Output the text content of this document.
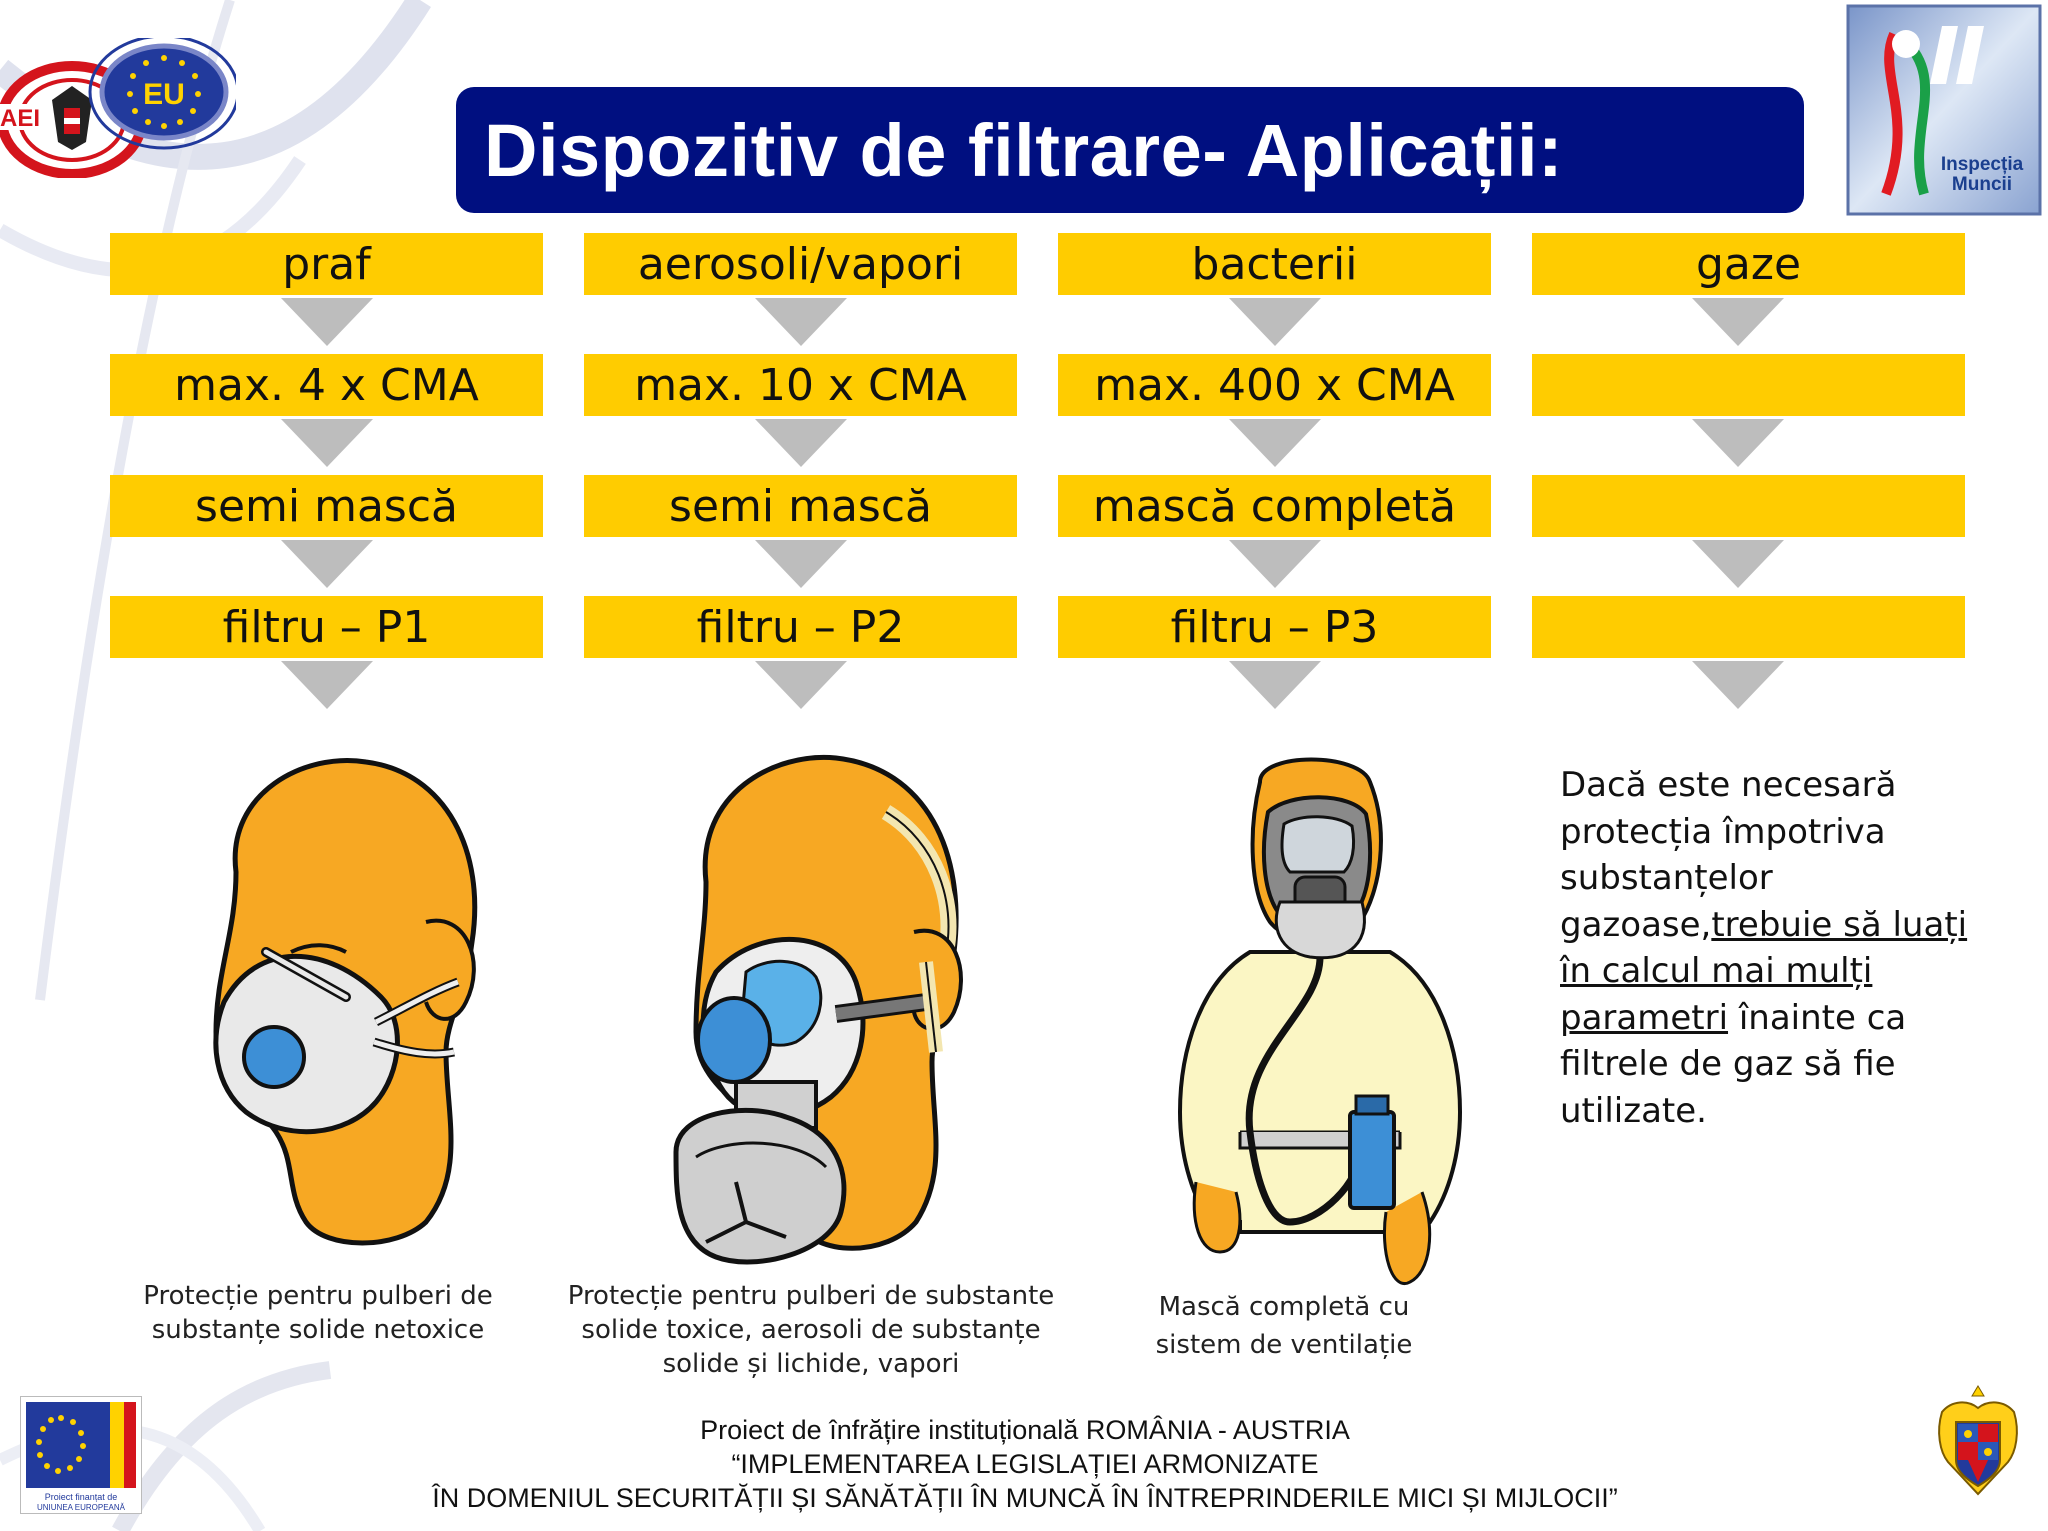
EU
AEI
Inspecția
Muncii
Dispozitiv de filtrare- Aplicații:
praf
max. 4 x CMA
semi mască
filtru – P1
aerosoli/vapori
max. 10 x CMA
semi mască
filtru – P2
bacterii
max. 400 x CMA
mască completă
filtru – P3
gaze
Protecție pentru pulberi de
substanțe solide netoxice
Protecție pentru pulberi de substante
solide toxice, aerosoli de substanțe
solide și lichide, vapori
Mască completă cu
sistem de ventilație
Dacă este necesară protecția împotriva substanțelor gazoase,trebuie să luați în calcul mai mulți parametri înainte ca filtrele de gaz să fie utilizate.
Proiect finanțat de
UNIUNEA EUROPEANĂ
Proiect de înfrățire instituțională ROMÂNIA - AUSTRIA
“IMPLEMENTAREA LEGISLAȚIEI ARMONIZATE
ÎN DOMENIUL SECURITĂȚII ȘI SĂNĂTĂȚII ÎN MUNCĂ ÎN ÎNTREPRINDERILE MICI ȘI MIJLOCII”
